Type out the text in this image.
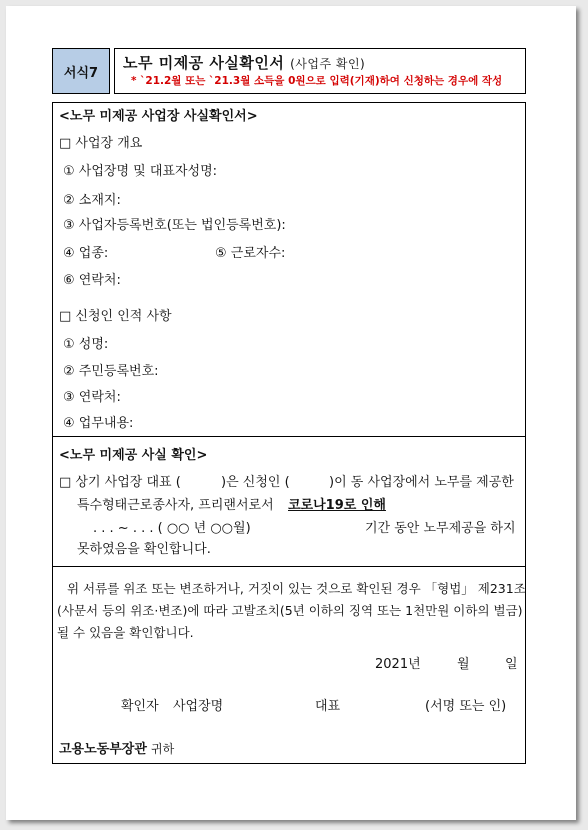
서식7
노무 미제공 사실확인서 (사업주 확인)
* `21.2월 또는 `21.3월 소득을 0원으로 입력(기재)하여 신청하는 경우에 작성
<노무 미제공 사업장 사실확인서>
□ 사업장 개요
① 사업장명 및 대표자성명:
② 소재지:
③ 사업자등록번호(또는 법인등록번호):
④ 업종:	⑤ 근로자수:
⑥ 연락처:
□ 신청인 인적 사항
① 성명:
② 주민등록번호:
③ 연락처:
④ 업무내용:
<노무 미제공 사실 확인>
□ 상기 사업장 대표 (	)은 신청인 (	)이 동 사업장에서 노무를 제공한
특수형태근로종사자, 프리랜서로서 코로나19로 인해
. . . ~ . . . ( ○○ 년 ○○월)	기간 동안 노무제공을 하지
못하였음을 확인합니다.
위 서류를 위조 또는 변조하거나, 거짓이 있는 것으로 확인된 경우 「형법」 제231조
(사문서 등의 위조·변조)에 따라 고발조치(5년 이하의 징역 또는 1천만원 이하의 벌금)
될 수 있음을 확인합니다.
2021년	월	일
확인자 사업장명	대표	(서명 또는 인)
고용노동부장관 귀하
